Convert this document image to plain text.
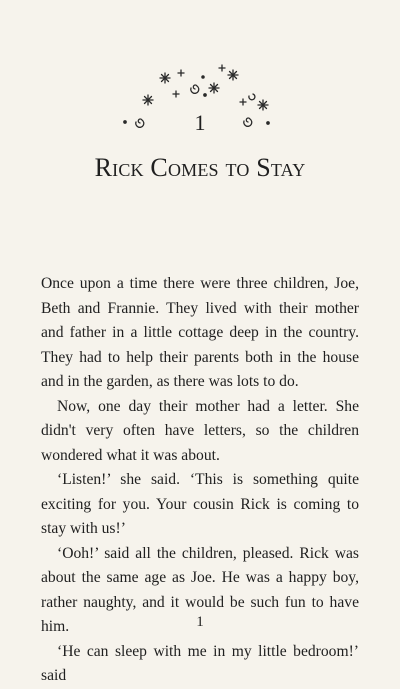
1
Rick Comes to Stay

Once upon a time there were three children, Joe, Beth and Frannie. They lived with their mother and father in a little cottage deep in the country. They had to help their parents both in the house and in the garden, as there was lots to do.

Now, one day their mother had a letter. She didn't very often have letters, so the children wondered what it was about.

‘Listen!’ she said. ‘This is something quite exciting for you. Your cousin Rick is coming to stay with us!’

‘Ooh!’ said all the children, pleased. Rick was about the same age as Joe. He was a happy boy, rather naughty, and it would be such fun to have him.

‘He can sleep with me in my little bedroom!’ said

1
